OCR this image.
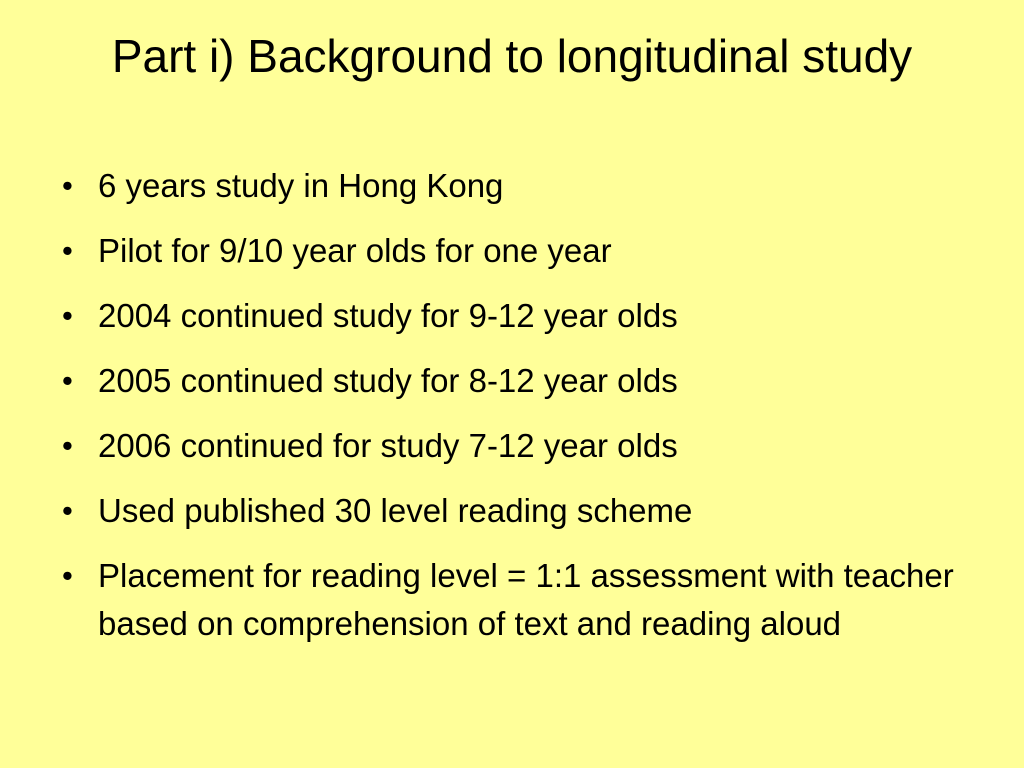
Part i) Background to longitudinal study
• 6 years study in Hong Kong
• Pilot for 9/10 year olds for one year
• 2004 continued study for 9-12 year olds
• 2005 continued study for 8-12 year olds
• 2006 continued for study 7-12 year olds
• Used published 30 level reading scheme
• Placement for reading level = 1:1 assessment with teacher based on comprehension of text and reading aloud
